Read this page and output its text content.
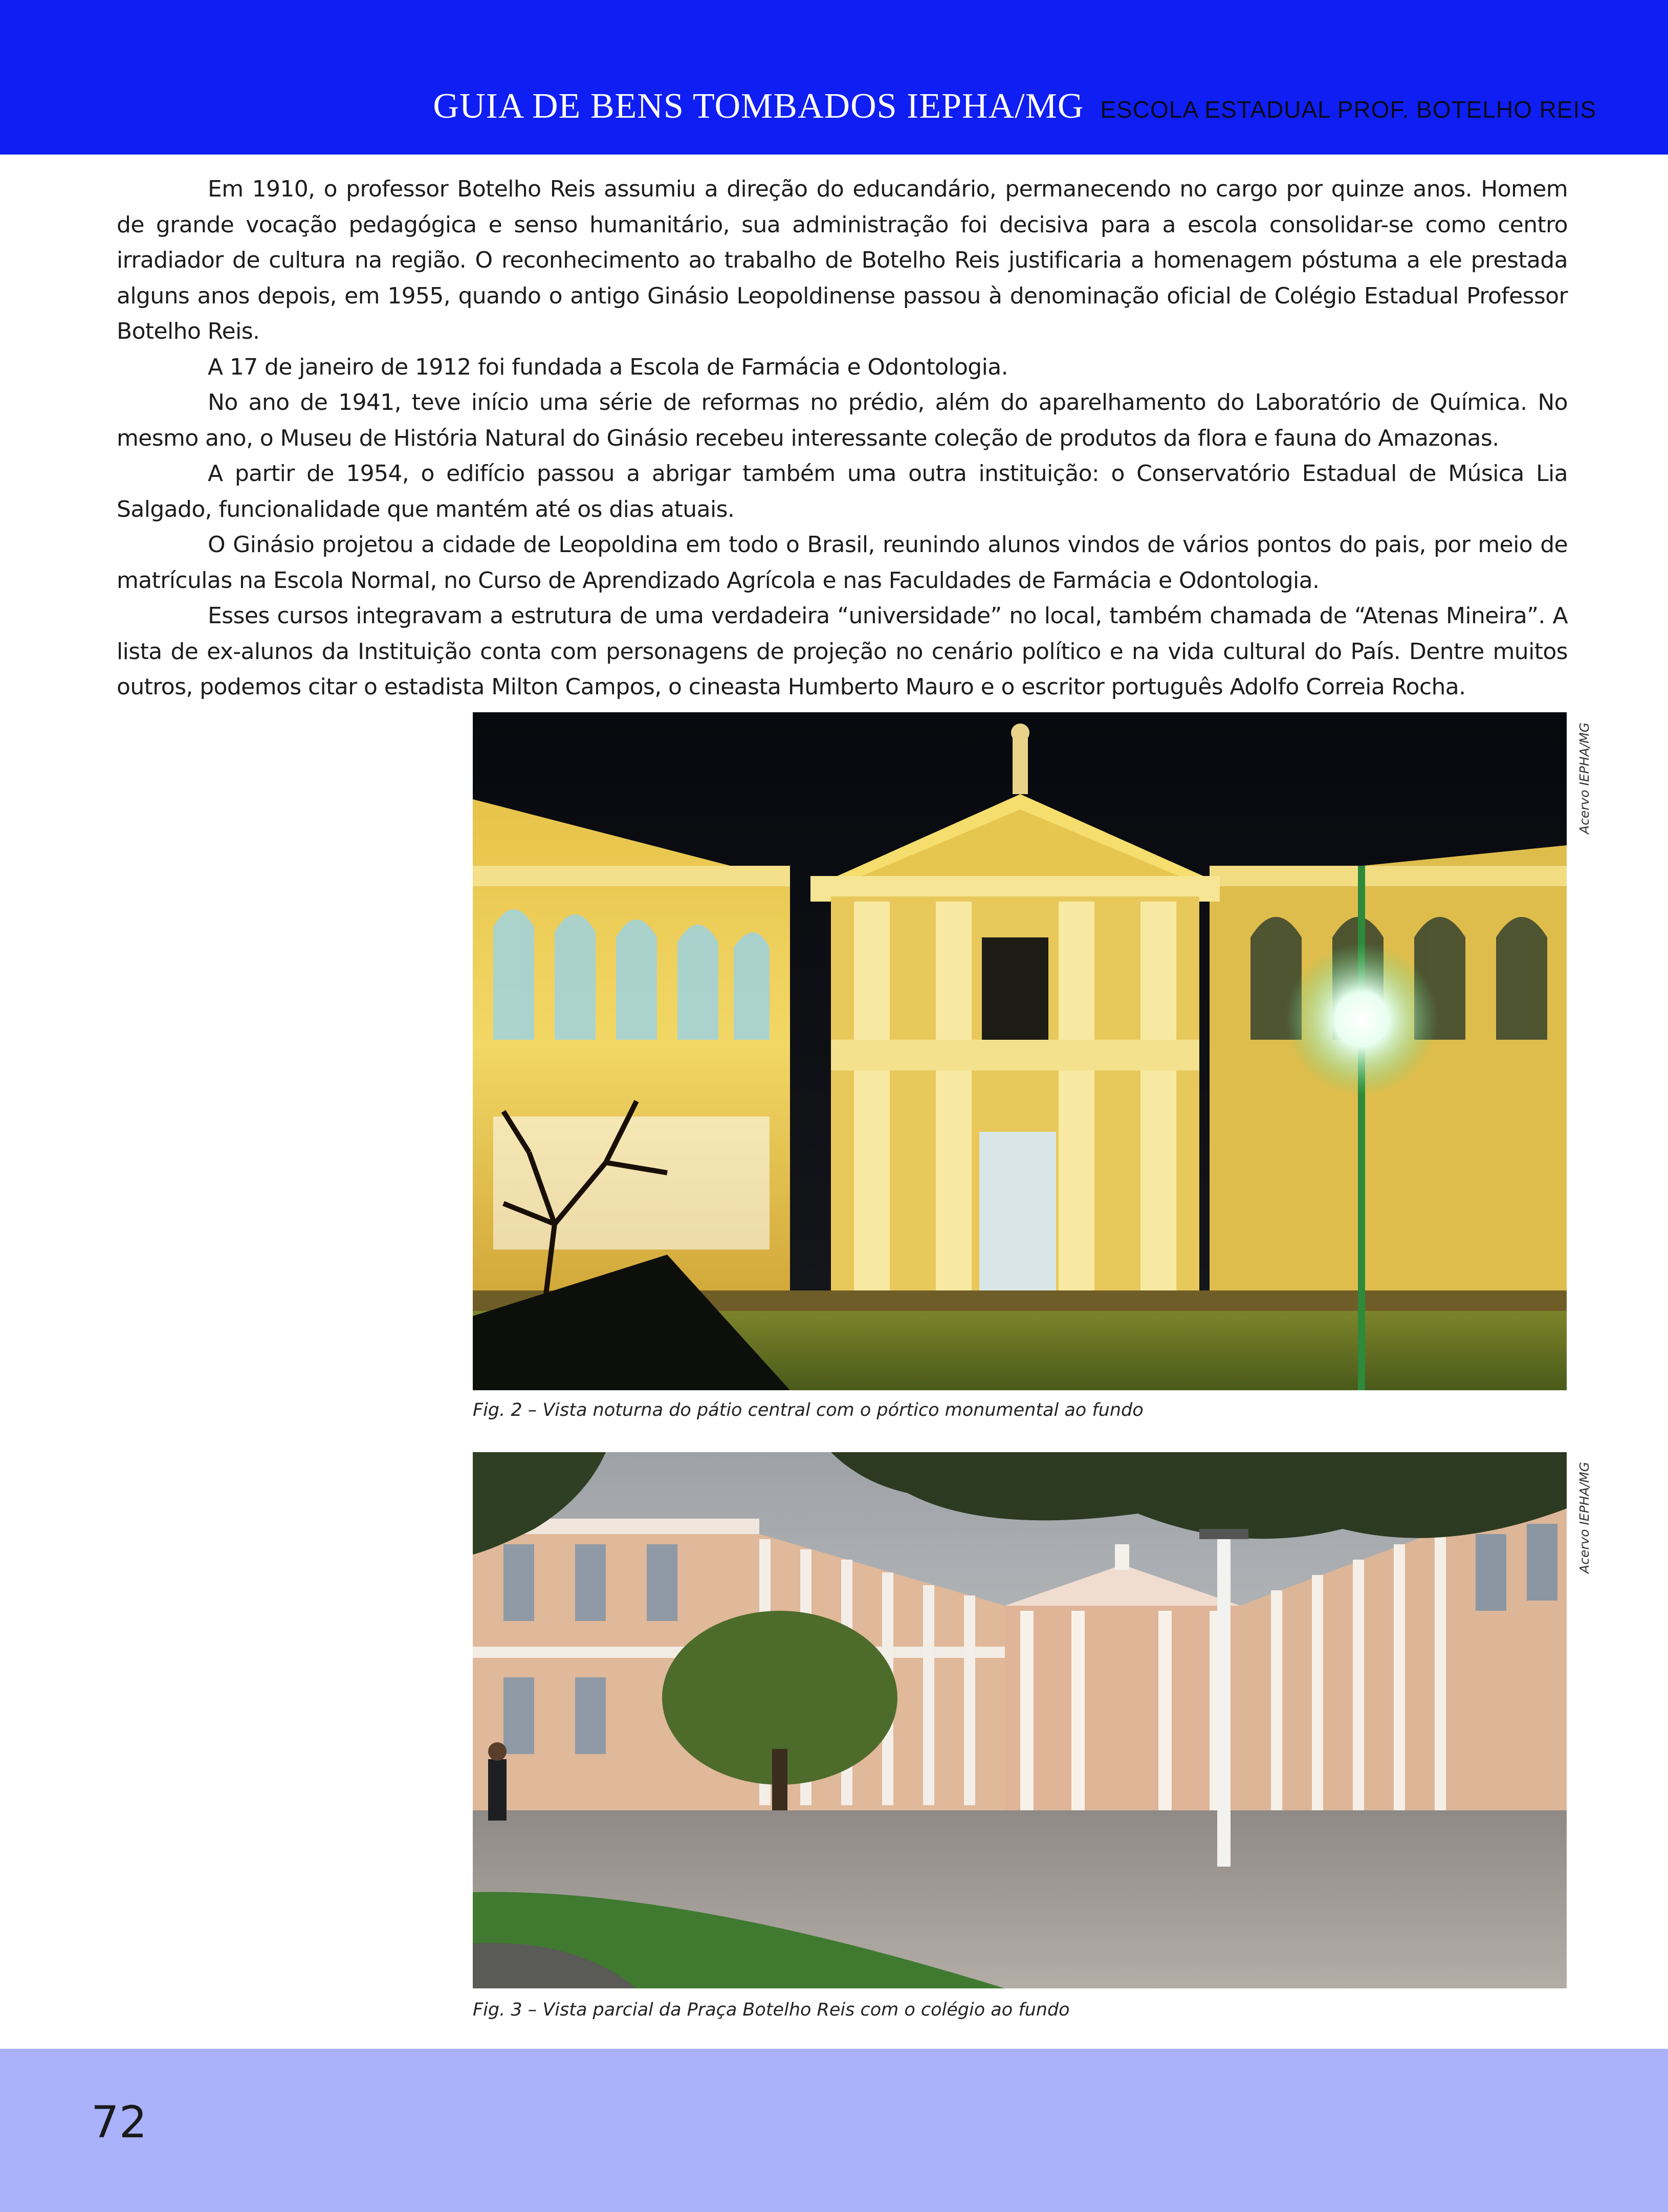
GUIA DE BENS TOMBADOS IEPHA/MG ESCOLA ESTADUAL PROF. BOTELHO REIS

Em 1910, o professor Botelho Reis assumiu a direção do educandário, permanecendo no cargo por quinze anos. Homem de grande vocação pedagógica e senso humanitário, sua administração foi decisiva para a escola consolidar-se como centro irradiador de cultura na região. O reconhecimento ao trabalho de Botelho Reis justificaria a homenagem póstuma a ele prestada alguns anos depois, em 1955, quando o antigo Ginásio Leopoldinense passou à denominação oficial de Colégio Estadual Professor Botelho Reis.

A 17 de janeiro de 1912 foi fundada a Escola de Farmácia e Odontologia.

No ano de 1941, teve início uma série de reformas no prédio, além do aparelhamento do Laboratório de Química. No mesmo ano, o Museu de História Natural do Ginásio recebeu interessante coleção de produtos da flora e fauna do Amazonas.

A partir de 1954, o edifício passou a abrigar também uma outra instituição: o Conservatório Estadual de Música Lia Salgado, funcionalidade que mantém até os dias atuais.

O Ginásio projetou a cidade de Leopoldina em todo o Brasil, reunindo alunos vindos de vários pontos do pais, por meio de matrículas na Escola Normal, no Curso de Aprendizado Agrícola e nas Faculdades de Farmácia e Odontologia.

Esses cursos integravam a estrutura de uma verdadeira “universidade” no local, também chamada de “Atenas Mineira”. A lista de ex-alunos da Instituição conta com personagens de projeção no cenário político e na vida cultural do País. Dentre muitos outros, podemos citar o estadista Milton Campos, o cineasta Humberto Mauro e o escritor português Adolfo Correia Rocha.

Fig. 2 – Vista noturna do pátio central com o pórtico monumental ao fundo
Acervo IEPHA/MG
Fig. 3 – Vista parcial da Praça Botelho Reis com o colégio ao fundo
Acervo IEPHA/MG
72
